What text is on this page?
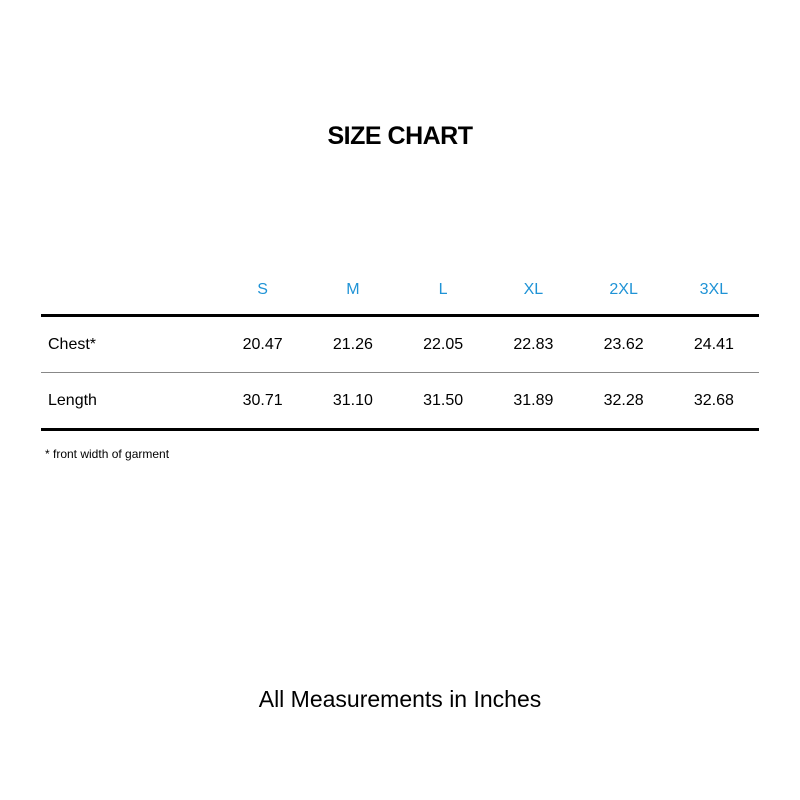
SIZE CHART
	S	M	L	XL	2XL	3XL
Chest*	20.47	21.26	22.05	22.83	23.62	24.41
Length	30.71	31.10	31.50	31.89	32.28	32.68
* front width of garment
All Measurements in Inches
